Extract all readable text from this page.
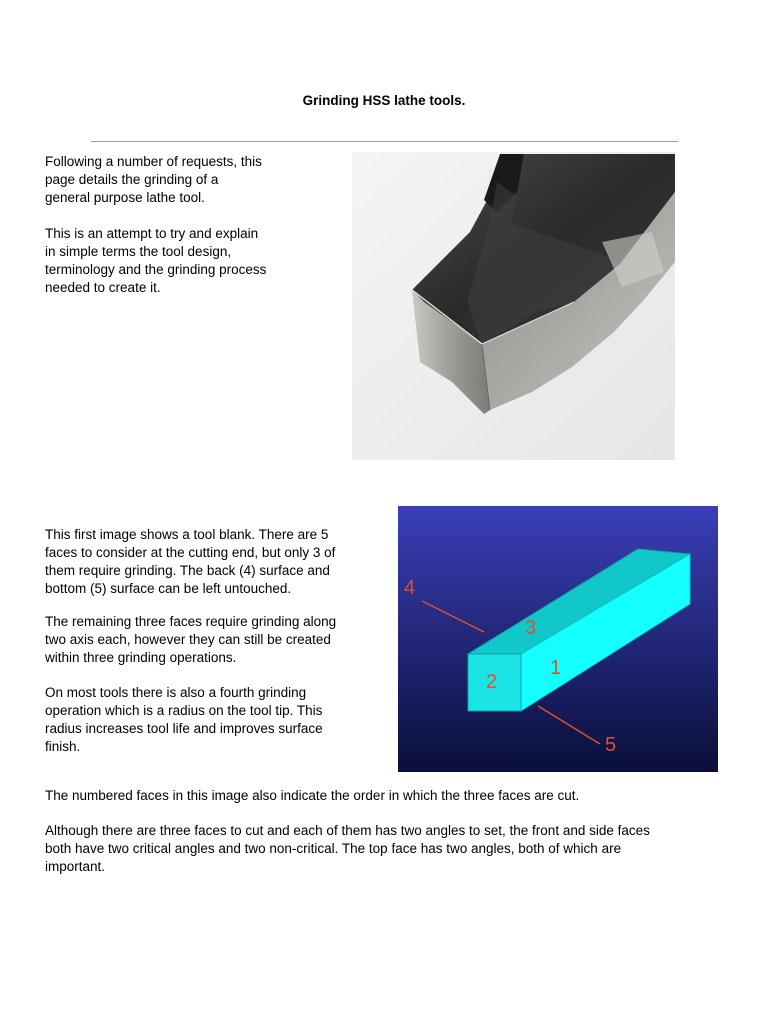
Grinding HSS lathe tools.

Following a number of requests, this
page details the grinding of a
general purpose lathe tool.

This is an attempt to try and explain
in simple terms the tool design,
terminology and the grinding process
needed to create it.

This first image shows a tool blank. There are 5
faces to consider at the cutting end, but only 3 of
them require grinding. The back (4) surface and
bottom (5) surface can be left untouched.

The remaining three faces require grinding along
two axis each, however they can still be created
within three grinding operations.

On most tools there is also a fourth grinding
operation which is a radius on the tool tip. This
radius increases tool life and improves surface
finish.

4
3
1
2
5

The numbered faces in this image also indicate the order in which the three faces are cut.

Although there are three faces to cut and each of them has two angles to set, the front and side faces
both have two critical angles and two non-critical. The top face has two angles, both of which are
important.
